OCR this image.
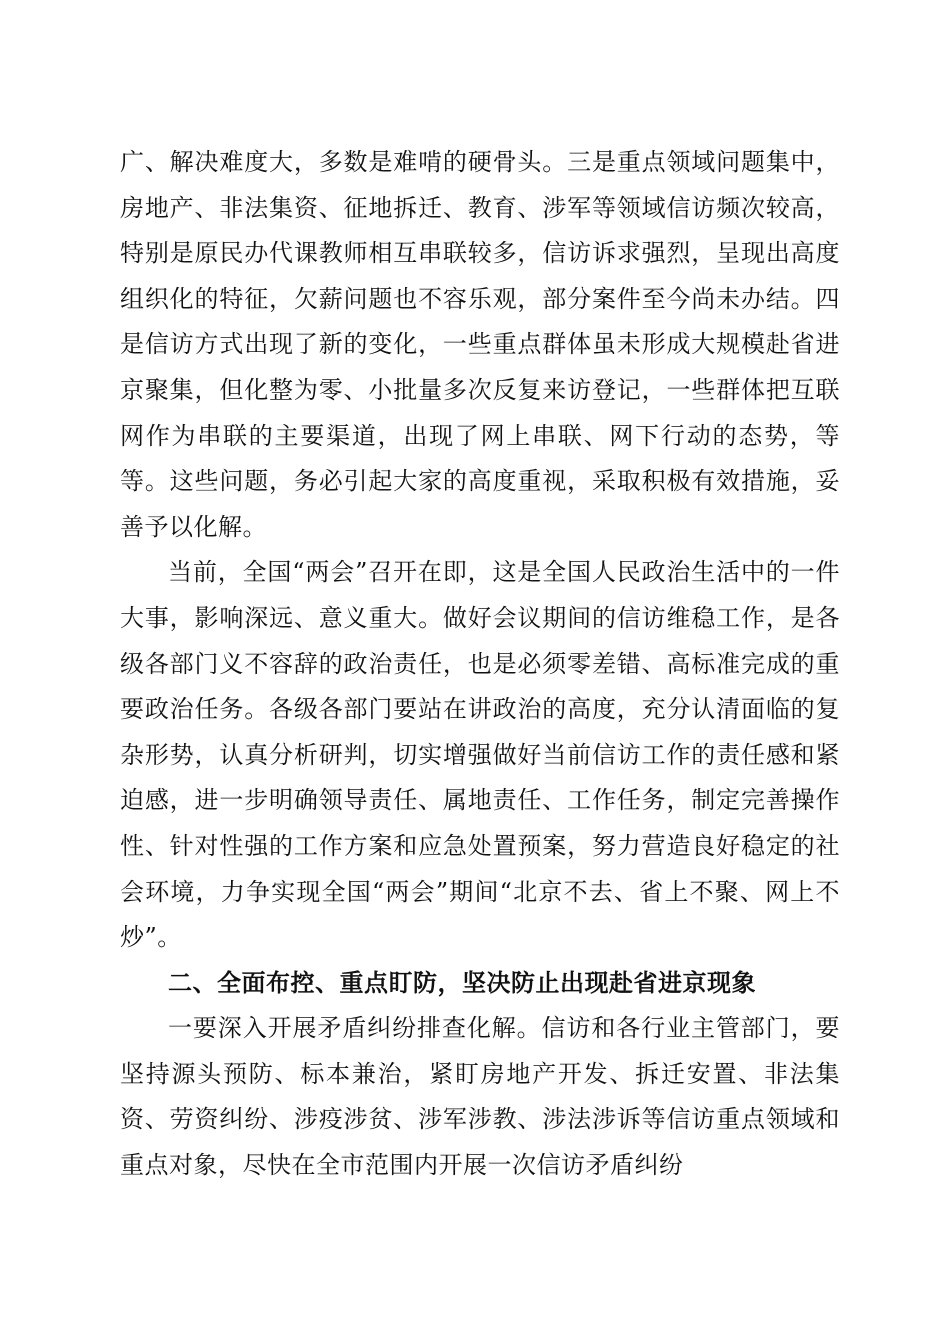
广、解决难度大，多数是难啃的硬骨头。三是重点领域问题集中，房地产、非法集资、征地拆迁、教育、涉军等领域信访频次较高，特别是原民办代课教师相互串联较多，信访诉求强烈，呈现出高度组织化的特征，欠薪问题也不容乐观，部分案件至今尚未办结。四是信访方式出现了新的变化，一些重点群体虽未形成大规模赴省进京聚集，但化整为零、小批量多次反复来访登记，一些群体把互联网作为串联的主要渠道，出现了网上串联、网下行动的态势，等等。这些问题，务必引起大家的高度重视，采取积极有效措施，妥善予以化解。

当前，全国“两会”召开在即，这是全国人民政治生活中的一件大事，影响深远、意义重大。做好会议期间的信访维稳工作，是各级各部门义不容辞的政治责任，也是必须零差错、高标准完成的重要政治任务。各级各部门要站在讲政治的高度，充分认清面临的复杂形势，认真分析研判，切实增强做好当前信访工作的责任感和紧迫感，进一步明确领导责任、属地责任、工作任务，制定完善操作性、针对性强的工作方案和应急处置预案，努力营造良好稳定的社会环境，力争实现全国“两会”期间“北京不去、省上不聚、网上不炒”。

二、全面布控、重点盯防，坚决防止出现赴省进京现象

一要深入开展矛盾纠纷排查化解。信访和各行业主管部门，要坚持源头预防、标本兼治，紧盯房地产开发、拆迁安置、非法集资、劳资纠纷、涉疫涉贫、涉军涉教、涉法涉诉等信访重点领域和重点对象，尽快在全市范围内开展一次信访矛盾纠纷
